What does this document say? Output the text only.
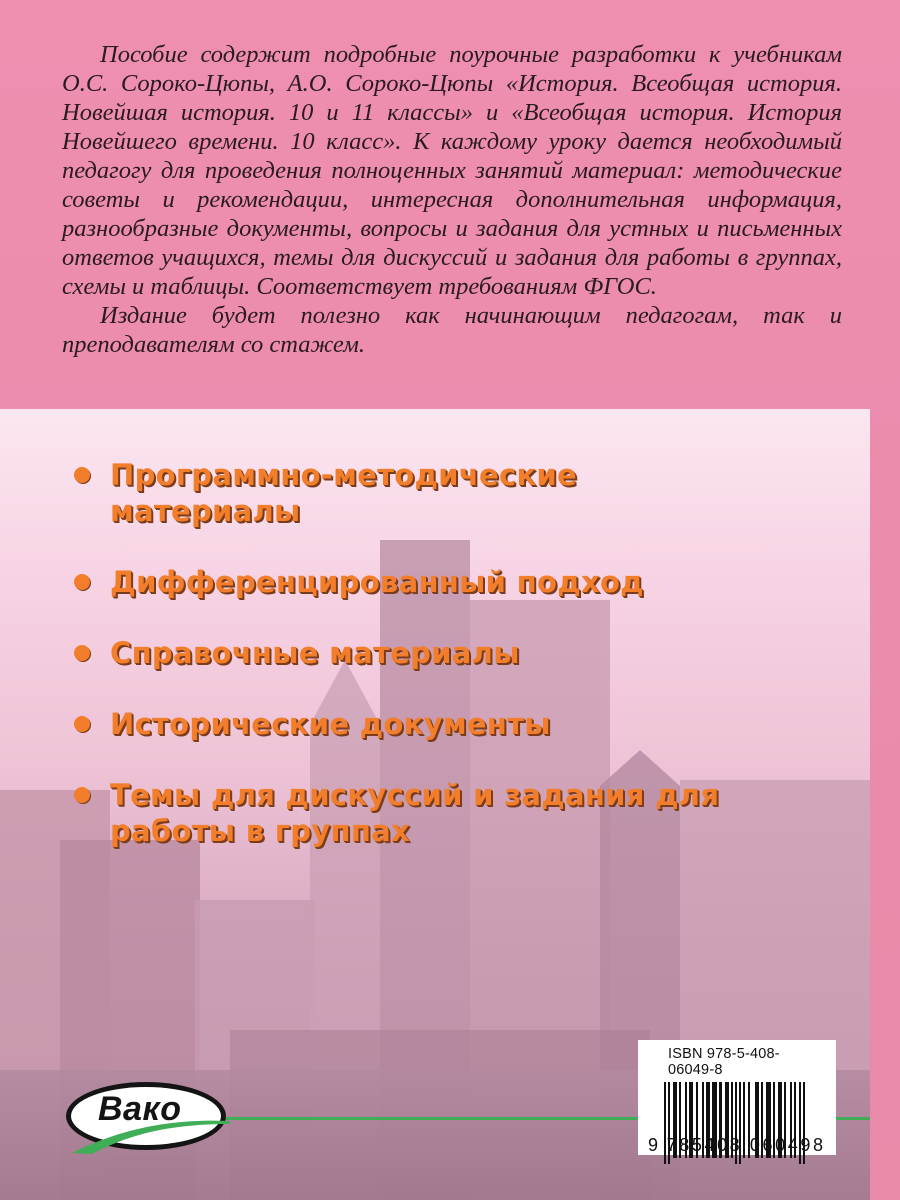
Пособие содержит подробные поурочные разработки к учебникам О.С. Сороко-Цюпы, А.О. Сороко-Цюпы «История. Всеобщая история. Новейшая история. 10 и 11 классы» и «Всеобщая история. История Новейшего времени. 10 класс». К каждому уроку дается необходимый педагогу для проведения полноценных занятий материал: методические советы и рекомендации, интересная дополнительная информация, разнообразные документы, вопросы и задания для устных и письменных ответов учащихся, темы для дискуссий и задания для работы в группах, схемы и таблицы. Соответствует требованиям ФГОС.

Издание будет полезно как начинающим педагогам, так и преподавателям со стажем.

Программно-методические материалы
Дифференцированный подход
Справочные материалы
Исторические документы
Темы для дискуссий и задания для работы в группах
Вако
ISBN 978-5-408-06049-8
9 785408 060498
